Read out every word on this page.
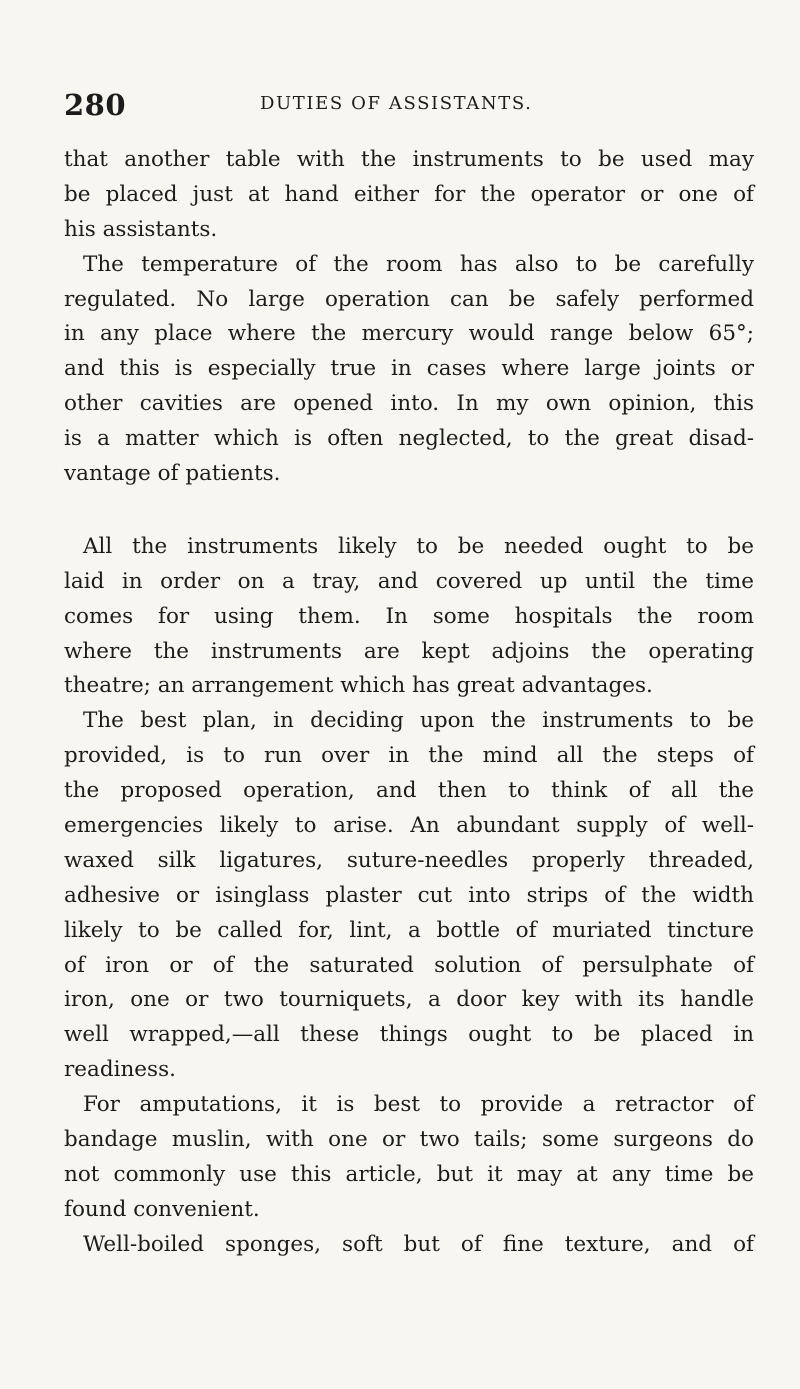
280	DUTIES OF ASSISTANTS.
that another table with the instruments to be used may
be placed just at hand either for the operator or one of
his assistants.
The temperature of the room has also to be carefully
regulated. No large operation can be safely performed
in any place where the mercury would range below 65°;
and this is especially true in cases where large joints or
other cavities are opened into. In my own opinion, this
is a matter which is often neglected, to the great disad-
vantage of patients.
All the instruments likely to be needed ought to be
laid in order on a tray, and covered up until the time
comes for using them. In some hospitals the room
where the instruments are kept adjoins the operating
theatre; an arrangement which has great advantages.
The best plan, in deciding upon the instruments to be
provided, is to run over in the mind all the steps of
the proposed operation, and then to think of all the
emergencies likely to arise. An abundant supply of well-
waxed silk ligatures, suture-needles properly threaded,
adhesive or isinglass plaster cut into strips of the width
likely to be called for, lint, a bottle of muriated tincture
of iron or of the saturated solution of persulphate of
iron, one or two tourniquets, a door key with its handle
well wrapped,—all these things ought to be placed in
readiness.
For amputations, it is best to provide a retractor of
bandage muslin, with one or two tails; some surgeons do
not commonly use this article, but it may at any time be
found convenient.
Well-boiled sponges, soft but of fine texture, and of
